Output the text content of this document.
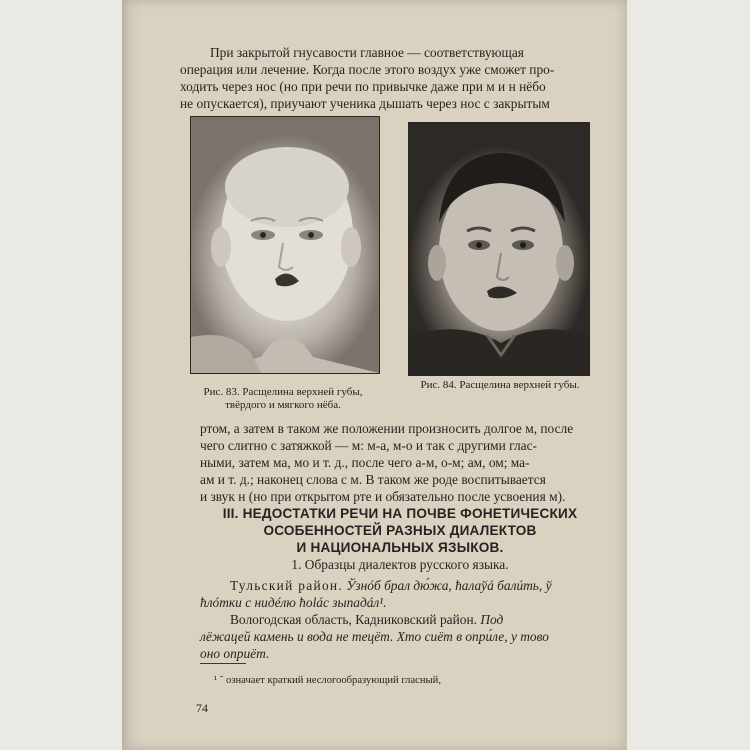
При закрытой гнусавости главное — соответствующая

операция или лечение. Когда после этого воздух уже сможет про-

ходить через нос (но при речи по привычке даже при м и н нёбо

не опускается), приучают ученика дышать через нос с закрытым

Рис. 83. Расщелина верхней губы,
твёрдого и мягкого нёба.
Рис. 84. Расщелина верхней губы.

ртом, а затем в таком же положении произносить долгое м, после

чего слитно с затяжкой — м: м-а, м-о и так с другими глас-

ными, затем ма, мо и т. д., после чего а-м, о-м; ам, ом; ма-

ам и т. д.; наконец слова с м. В таком же роде воспитывается

и звук н (но при открытом рте и обязательно после усвоения м).

III. НЕДОСТАТКИ РЕЧИ НА ПОЧВЕ ФОНЕТИЧЕСКИХ
ОСОБЕННОСТЕЙ РАЗНЫХ ДИАЛЕКТОВ
И НАЦИОНАЛЬНЫХ ЯЗЫКОВ.
1. Образцы диалектов русского языка.

Тульский район. Ўзнóб брал дю́жа, ћалаўá балúть, ў

ћлóтки с нидéлю ћоláс зыпадáл¹.

Вологодская область, Кадниковский район. Под

лёжацей камень и вода не тецёт. Хто сиёт в опри́ле, у тово

оно оприёт.

¹ ˘ означает краткий неслогообразующий гласный,
74
